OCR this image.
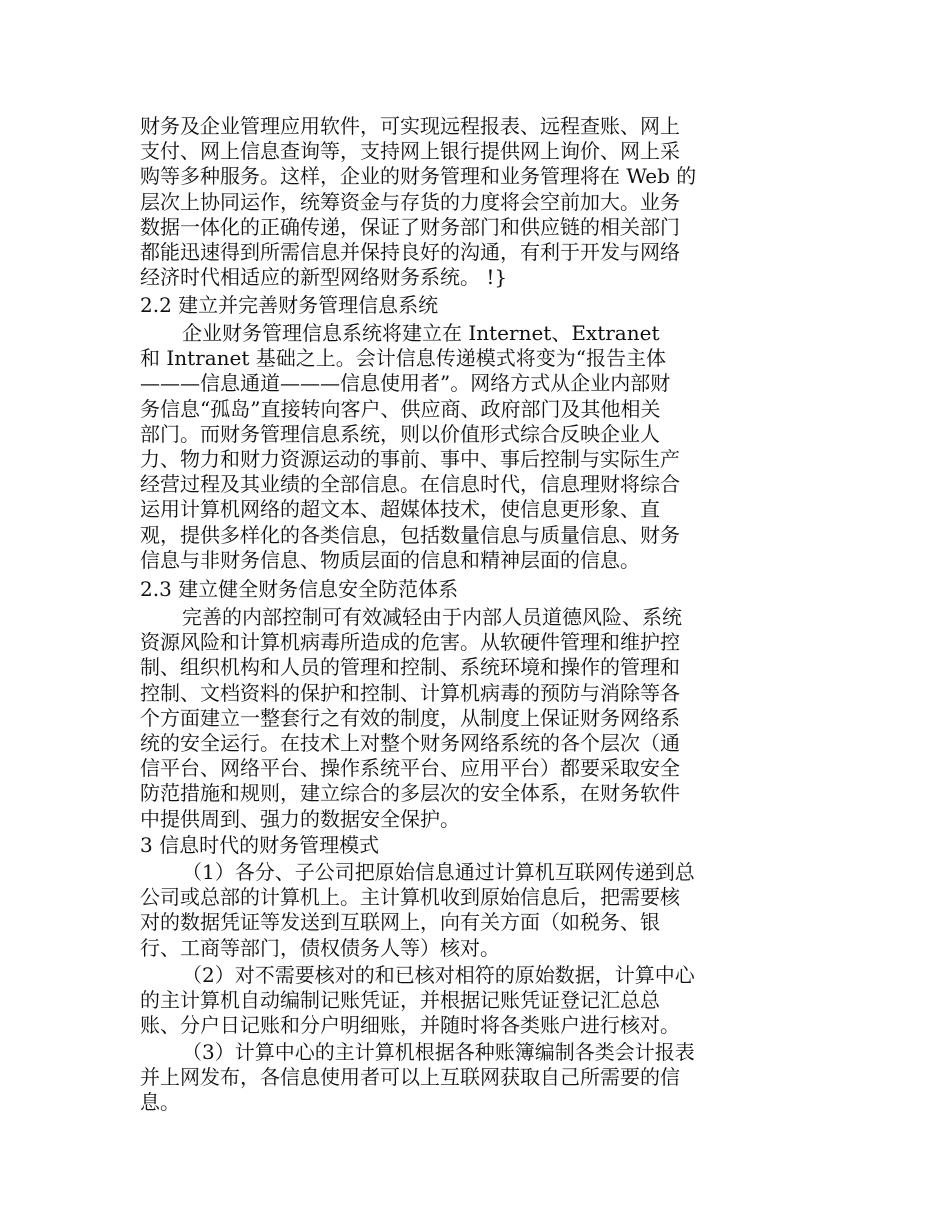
财务及企业管理应用软件，可实现远程报表、远程查账、网上
支付、网上信息查询等，支持网上银行提供网上询价、网上采
购等多种服务。这样，企业的财务管理和业务管理将在 Web 的
层次上协同运作，统筹资金与存货的力度将会空前加大。业务
数据一体化的正确传递，保证了财务部门和供应链的相关部门
都能迅速得到所需信息并保持良好的沟通，有利于开发与网络
经济时代相适应的新型网络财务系统。 !}
2.2 建立并完善财务管理信息系统
企业财务管理信息系统将建立在 Internet、Extranet
和 Intranet 基础之上。会计信息传递模式将变为“报告主体
———信息通道———信息使用者”。网络方式从企业内部财
务信息“孤岛”直接转向客户、供应商、政府部门及其他相关
部门。而财务管理信息系统，则以价值形式综合反映企业人
力、物力和财力资源运动的事前、事中、事后控制与实际生产
经营过程及其业绩的全部信息。在信息时代，信息理财将综合
运用计算机网络的超文本、超媒体技术，使信息更形象、直
观，提供多样化的各类信息，包括数量信息与质量信息、财务
信息与非财务信息、物质层面的信息和精神层面的信息。
2.3 建立健全财务信息安全防范体系
完善的内部控制可有效减轻由于内部人员道德风险、系统
资源风险和计算机病毒所造成的危害。从软硬件管理和维护控
制、组织机构和人员的管理和控制、系统环境和操作的管理和
控制、文档资料的保护和控制、计算机病毒的预防与消除等各
个方面建立一整套行之有效的制度，从制度上保证财务网络系
统的安全运行。在技术上对整个财务网络系统的各个层次（通
信平台、网络平台、操作系统平台、应用平台）都要采取安全
防范措施和规则，建立综合的多层次的安全体系，在财务软件
中提供周到、强力的数据安全保护。
3 信息时代的财务管理模式
（1）各分、子公司把原始信息通过计算机互联网传递到总
公司或总部的计算机上。主计算机收到原始信息后，把需要核
对的数据凭证等发送到互联网上，向有关方面（如税务、银
行、工商等部门，债权债务人等）核对。
（2）对不需要核对的和已核对相符的原始数据，计算中心
的主计算机自动编制记账凭证，并根据记账凭证登记汇总总
账、分户日记账和分户明细账，并随时将各类账户进行核对。
（3）计算中心的主计算机根据各种账簿编制各类会计报表
并上网发布，各信息使用者可以上互联网获取自己所需要的信
息。
